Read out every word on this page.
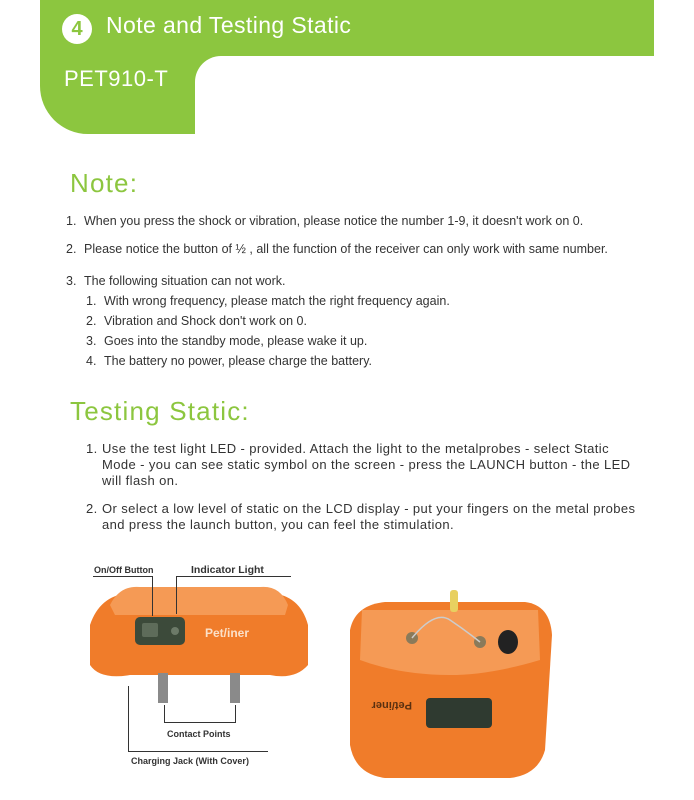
4	Note and Testing Static
PET910-T
Note:
1. When you press the shock or vibration, please notice the number 1-9, it doesn't work on 0.
2. Please notice the button of ½ , all the function of the receiver can only work with same number.
3. The following situation can not work.
1. With wrong frequency, please match the right frequency again.
2. Vibration and Shock don't work on 0.
3. Goes into the standby mode, please wake it up.
4. The battery no power, please charge the battery.
Testing Static:
1. Use the test light LED - provided. Attach the light to the metalprobes - select Static Mode - you can see static symbol on the screen - press the LAUNCH button - the LED will flash on.
2. Or select a low level of static on the LCD display - put your fingers on the metal probes and press the launch button, you can feel the stimulation.
Pet/iner
On/Off Button	Indicator Light
Contact Points
Charging Jack (With Cover)
Pet/iner
